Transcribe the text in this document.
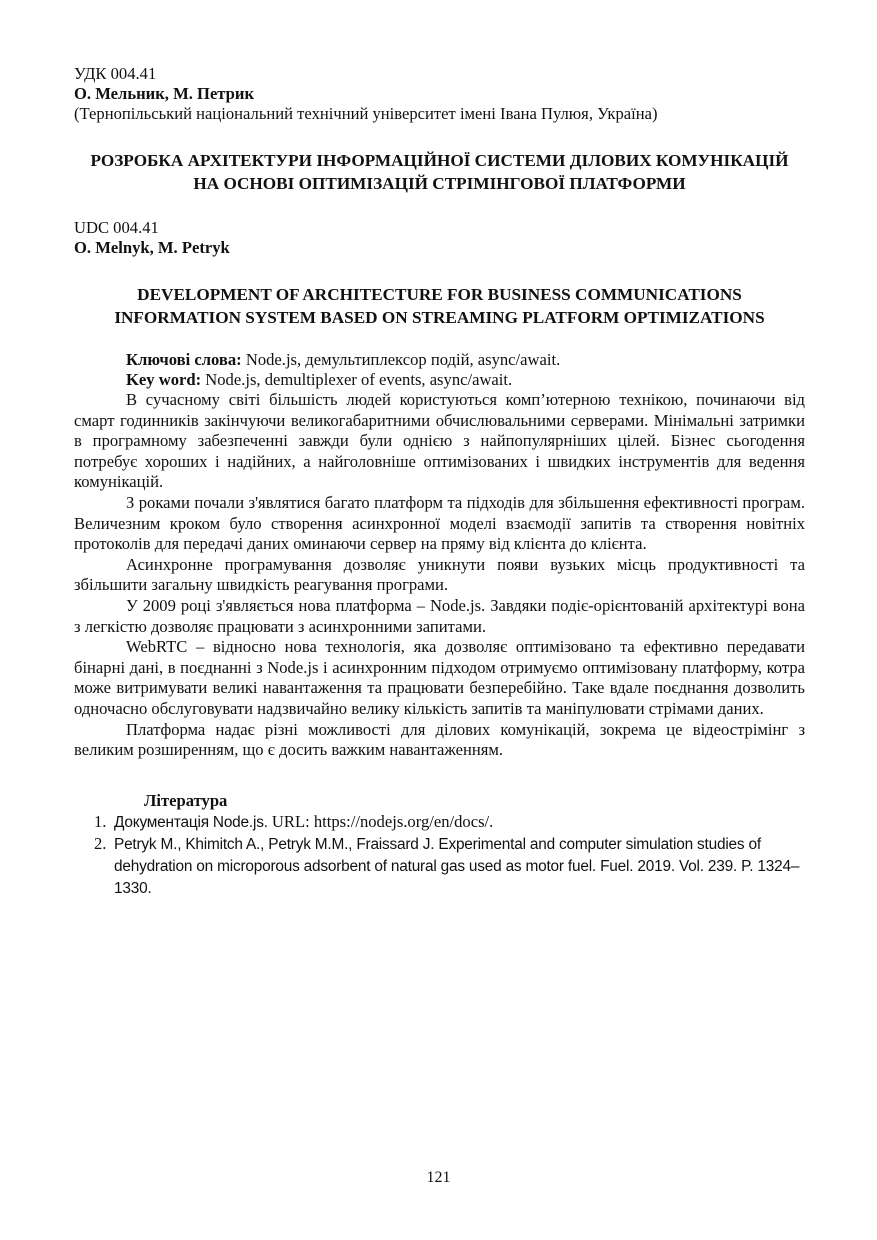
УДК 004.41
О. Мельник, М. Петрик
(Тернопільський національний технічний університет імені Івана Пулюя, Україна)
РОЗРОБКА АРХІТЕКТУРИ ІНФОРМАЦІЙНОЇ СИСТЕМИ ДІЛОВИХ КОМУНІКАЦІЙ НА ОСНОВІ ОПТИМІЗАЦІЙ СТРІМІНГОВОЇ ПЛАТФОРМИ
UDC 004.41
O. Melnyk, M. Petryk
DEVELOPMENT OF ARCHITECTURE FOR BUSINESS COMMUNICATIONS INFORMATION SYSTEM BASED ON STREAMING PLATFORM OPTIMIZATIONS
Ключові слова: Node.js, демультиплексор подій, async/await.
Key word: Node.js, demultiplexer of events, async/await.

В сучасному світі більшість людей користуються комп’ютерною технікою, починаючи від смарт годинників закінчуючи великогабаритними обчислювальними серверами. Мінімальні затримки в програмному забезпеченні завжди були однією з найпопулярніших цілей. Бізнес сьогодення потребує хороших і надійних, а найголовніше оптимізованих і швидких інструментів для ведення комунікацій.

З роками почали з'являтися багато платформ та підходів для збільшення ефективності програм. Величезним кроком було створення асинхронної моделі взаємодії запитів та створення новітніх протоколів для передачі даних оминаючи сервер на пряму від клієнта до клієнта.

Асинхронне програмування дозволяє уникнути появи вузьких місць продуктивності та збільшити загальну швидкість реагування програми.

У 2009 році з'являється нова платформа – Node.js. Завдяки подіє-орієнтованій архітектурі вона з легкістю дозволяє працювати з асинхронними запитами.

WebRTC – відносно нова технологія, яка дозволяє оптимізовано та ефективно передавати бінарні дані, в поєднанні з Node.js і асинхронним підходом отримуємо оптимізовану платформу, котра може витримувати великі навантаження та працювати безперебійно. Таке вдале поєднання дозволить одночасно обслуговувати надзвичайно велику кількість запитів та маніпулювати стрімами даних.

Платформа надає різні можливості для ділових комунікацій, зокрема це відеострімінг з великим розширенням, що є досить важким навантаженням.

Література
1. Документація Node.js. URL: https://nodejs.org/en/docs/.
2. Petryk M., Khimitch A., Petryk M.M., Fraissard J. Experimental and computer simulation studies of dehydration on microporous adsorbent of natural gas used as motor fuel. Fuel. 2019. Vol. 239. P. 1324–1330.
121
